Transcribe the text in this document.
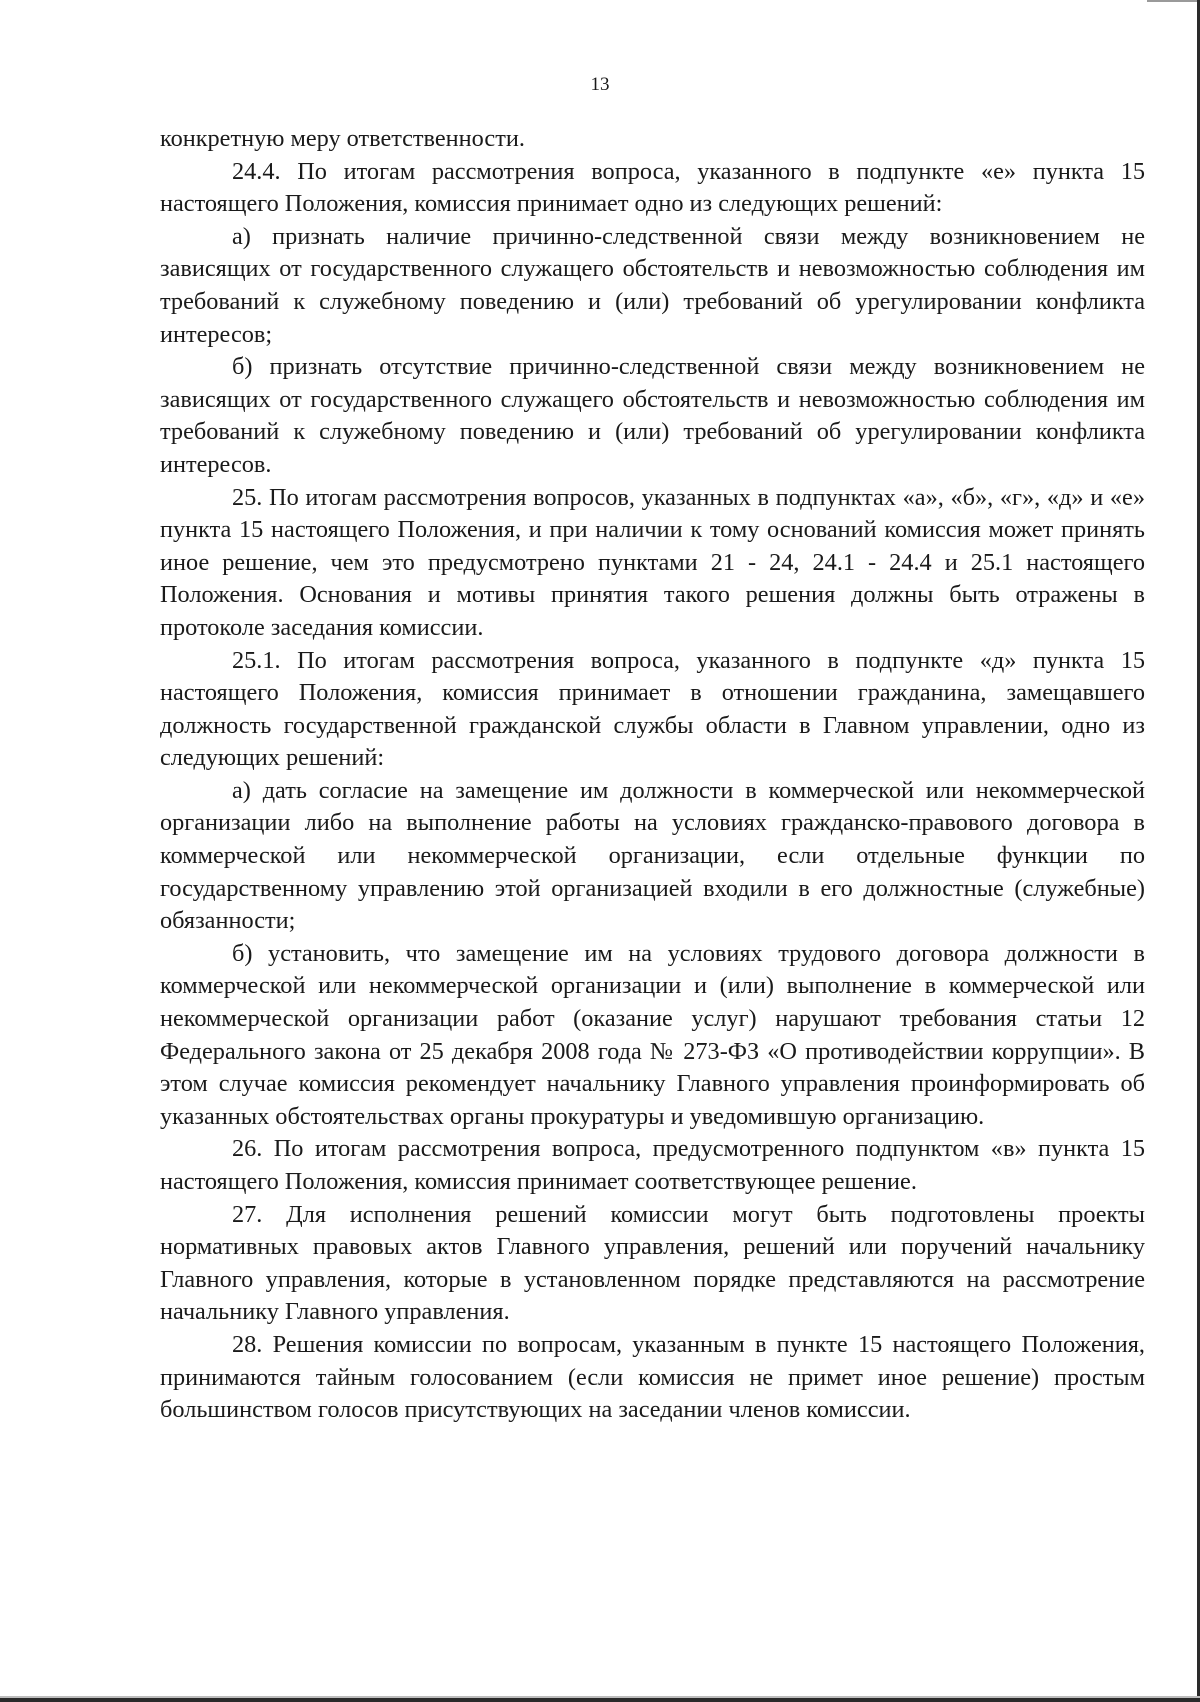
13

конкретную меру ответственности.

24.4. По итогам рассмотрения вопроса, указанного в подпункте «е» пункта 15 настоящего Положения, комиссия принимает одно из следующих решений:

а) признать наличие причинно-следственной связи между возникновением не зависящих от государственного служащего обстоятельств и невозможностью соблюдения им требований к служебному поведению и (или) требований об урегулировании конфликта интересов;

б) признать отсутствие причинно-следственной связи между возникновением не зависящих от государственного служащего обстоятельств и невозможностью соблюдения им требований к служебному поведению и (или) требований об урегулировании конфликта интересов.

25. По итогам рассмотрения вопросов, указанных в подпунктах «а», «б», «г», «д» и «е» пункта 15 настоящего Положения, и при наличии к тому оснований комиссия может принять иное решение, чем это предусмотрено пунктами 21 - 24, 24.1 - 24.4 и 25.1 настоящего Положения. Основания и мотивы принятия такого решения должны быть отражены в протоколе заседания комиссии.

25.1. По итогам рассмотрения вопроса, указанного в подпункте «д» пункта 15 настоящего Положения, комиссия принимает в отношении гражданина, замещавшего должность государственной гражданской службы области в Главном управлении, одно из следующих решений:

а) дать согласие на замещение им должности в коммерческой или некоммерческой организации либо на выполнение работы на условиях гражданско-правового договора в коммерческой или некоммерческой организации, если отдельные функции по государственному управлению этой организацией входили в его должностные (служебные) обязанности;

б) установить, что замещение им на условиях трудового договора должности в коммерческой или некоммерческой организации и (или) выполнение в коммерческой или некоммерческой организации работ (оказание услуг) нарушают требования статьи 12 Федерального закона от 25 декабря 2008 года № 273-ФЗ «О противодействии коррупции». В этом случае комиссия рекомендует начальнику Главного управления проинформировать об указанных обстоятельствах органы прокуратуры и уведомившую организацию.

26. По итогам рассмотрения вопроса, предусмотренного подпунктом «в» пункта 15 настоящего Положения, комиссия принимает соответствующее решение.

27. Для исполнения решений комиссии могут быть подготовлены проекты нормативных правовых актов Главного управления, решений или поручений начальнику Главного управления, которые в установленном порядке представляются на рассмотрение начальнику Главного управления.

28. Решения комиссии по вопросам, указанным в пункте 15 настоящего Положения, принимаются тайным голосованием (если комиссия не примет иное решение) простым большинством голосов присутствующих на заседании членов комиссии.
